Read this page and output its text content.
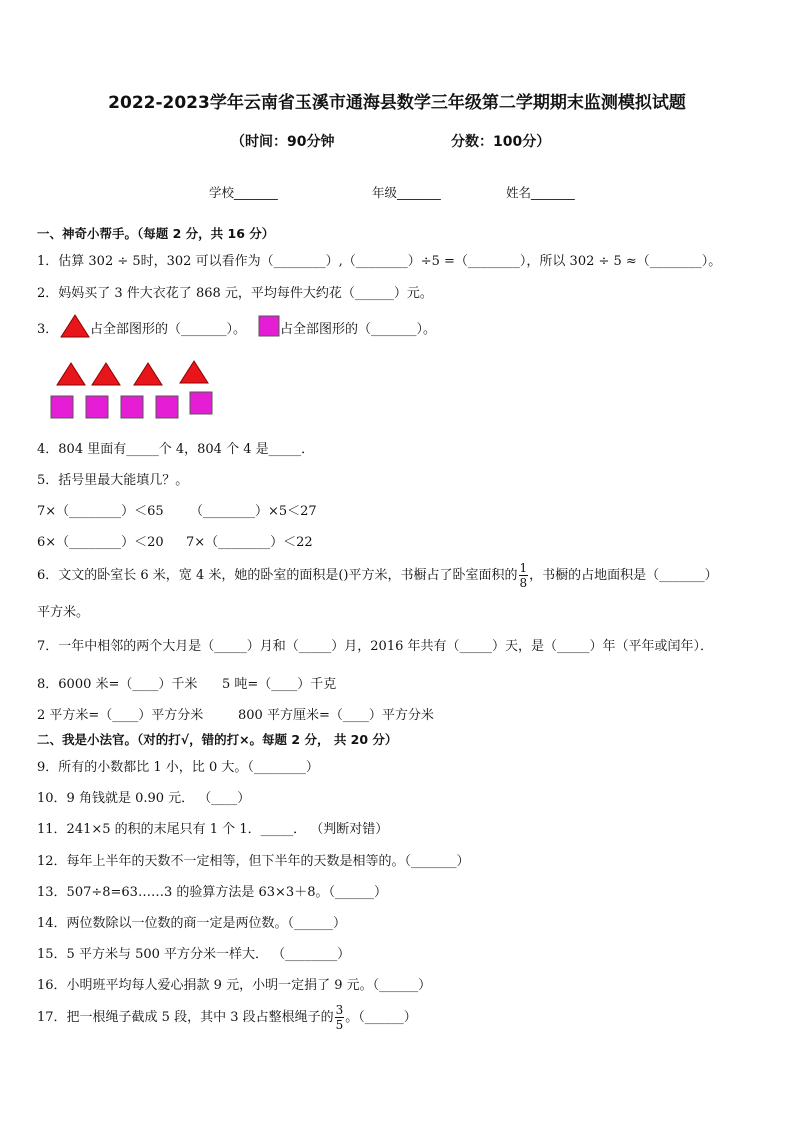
2022-2023学年云南省玉溪市通海县数学三年级第二学期期末监测模拟试题
（时间：90分钟	分数：100分）
学校_______	年级_______	姓名_______
一、神奇小帮手。（每题 2 分，共 16 分）
1．估算 302 ÷ 5时，302 可以看作为（________）,（________）÷5 =（________），所以 302 ÷ 5 ≈（________）。
2．妈妈买了 3 件大衣花了 868 元，平均每件大约花（______）元。
3． 占全部图形的（_______）。	占全部图形的（_______）。
4．804 里面有_____个 4，804 个 4 是_____．
5．括号里最大能填几？。
7×（________）＜65 （________）×5＜27
6×（________）＜20 7×（________）＜22
6．文文的卧室长 6 米，宽 4 米，她的卧室的面积是()平方米，书橱占了卧室面积的 $\frac{1}{8}$ ，书橱的占地面积是（_______）
平方米。
7．一年中相邻的两个大月是（_____）月和（_____）月，2016 年共有（_____）天，是（_____）年（平年或闰年）．
8．6000 米=（____）千米 5 吨=（____）千克
2 平方米=（____）平方分米	800 平方厘米=（____）平方分米
二、我是小法官。（对的打√，错的打×。每题 2 分， 共 20 分）
9．所有的小数都比 1 小，比 0 大。（________）
10．9 角钱就是 0.90 元． （____）
11．241×5 的积的末尾只有 1 个 1．_____． （判断对错）
12．每年上半年的天数不一定相等，但下半年的天数是相等的。（_______）
13．507÷8=63……3 的验算方法是 63×3＋8。（______）
14．两位数除以一位数的商一定是两位数。（______）
15．5 平方米与 500 平方分米一样大． （________）
16．小明班平均每人爱心捐款 9 元，小明一定捐了 9 元。（______）
17．把一根绳子截成 5 段，其中 3 段占整根绳子的 $\frac{3}{5}$ 。（______）
